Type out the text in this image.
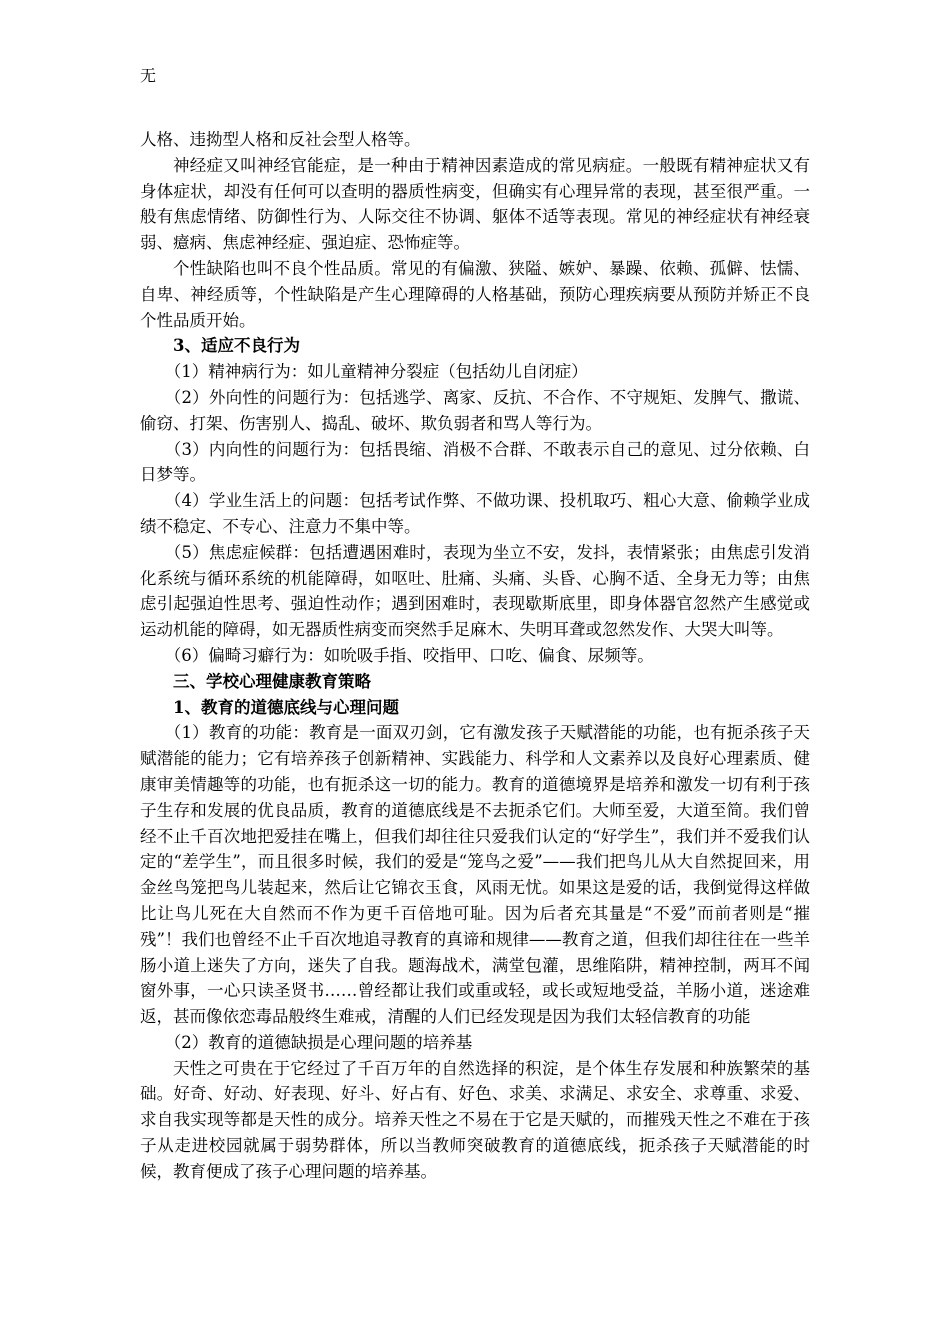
无

人格、违拗型人格和反社会型人格等。

神经症又叫神经官能症，是一种由于精神因素造成的常见病症。一般既有精神症状又有身体症状，却没有任何可以查明的器质性病变，但确实有心理异常的表现，甚至很严重。一般有焦虑情绪、防御性行为、人际交往不协调、躯体不适等表现。常见的神经症状有神经衰弱、癔病、焦虑神经症、强迫症、恐怖症等。

个性缺陷也叫不良个性品质。常见的有偏激、狭隘、嫉妒、暴躁、依赖、孤僻、怯懦、自卑、神经质等，个性缺陷是产生心理障碍的人格基础，预防心理疾病要从预防并矫正不良个性品质开始。

3、适应不良行为

（1）精神病行为：如儿童精神分裂症（包括幼儿自闭症）

（2）外向性的问题行为：包括逃学、离家、反抗、不合作、不守规矩、发脾气、撒谎、偷窃、打架、伤害别人、捣乱、破坏、欺负弱者和骂人等行为。

（3）内向性的问题行为：包括畏缩、消极不合群、不敢表示自己的意见、过分依赖、白日梦等。

（4）学业生活上的问题：包括考试作弊、不做功课、投机取巧、粗心大意、偷赖学业成绩不稳定、不专心、注意力不集中等。

（5）焦虑症候群：包括遭遇困难时，表现为坐立不安，发抖，表情紧张；由焦虑引发消化系统与循环系统的机能障碍，如呕吐、肚痛、头痛、头昏、心胸不适、全身无力等；由焦虑引起强迫性思考、强迫性动作；遇到困难时，表现歇斯底里，即身体器官忽然产生感觉或运动机能的障碍，如无器质性病变而突然手足麻木、失明耳聋或忽然发作、大哭大叫等。

（6）偏畸习癖行为：如吮吸手指、咬指甲、口吃、偏食、尿频等。

三、学校心理健康教育策略

1、教育的道德底线与心理问题

（1）教育的功能：教育是一面双刃剑，它有激发孩子天赋潜能的功能，也有扼杀孩子天赋潜能的能力；它有培养孩子创新精神、实践能力、科学和人文素养以及良好心理素质、健康审美情趣等的功能，也有扼杀这一切的能力。教育的道德境界是培养和激发一切有利于孩子生存和发展的优良品质，教育的道德底线是不去扼杀它们。大师至爱，大道至简。我们曾经不止千百次地把爱挂在嘴上，但我们却往往只爱我们认定的“好学生”，我们并不爱我们认定的“差学生”，而且很多时候，我们的爱是“笼鸟之爱”——我们把鸟儿从大自然捉回来，用金丝鸟笼把鸟儿装起来，然后让它锦衣玉食，风雨无忧。如果这是爱的话，我倒觉得这样做比让鸟儿死在大自然而不作为更千百倍地可耻。因为后者充其量是“不爱”而前者则是“摧残”！我们也曾经不止千百次地追寻教育的真谛和规律——教育之道，但我们却往往在一些羊肠小道上迷失了方向，迷失了自我。题海战术，满堂包灌，思维陷阱，精神控制，两耳不闻窗外事，一心只读圣贤书……曾经都让我们或重或轻，或长或短地受益，羊肠小道，迷途难返，甚而像依恋毒品般终生难戒，清醒的人们已经发现是因为我们太轻信教育的功能

（2）教育的道德缺损是心理问题的培养基

天性之可贵在于它经过了千百万年的自然选择的积淀，是个体生存发展和种族繁荣的基础。好奇、好动、好表现、好斗、好占有、好色、求美、求满足、求安全、求尊重、求爱、求自我实现等都是天性的成分。培养天性之不易在于它是天赋的，而摧残天性之不难在于孩子从走进校园就属于弱势群体，所以当教师突破教育的道德底线，扼杀孩子天赋潜能的时候，教育便成了孩子心理问题的培养基。
